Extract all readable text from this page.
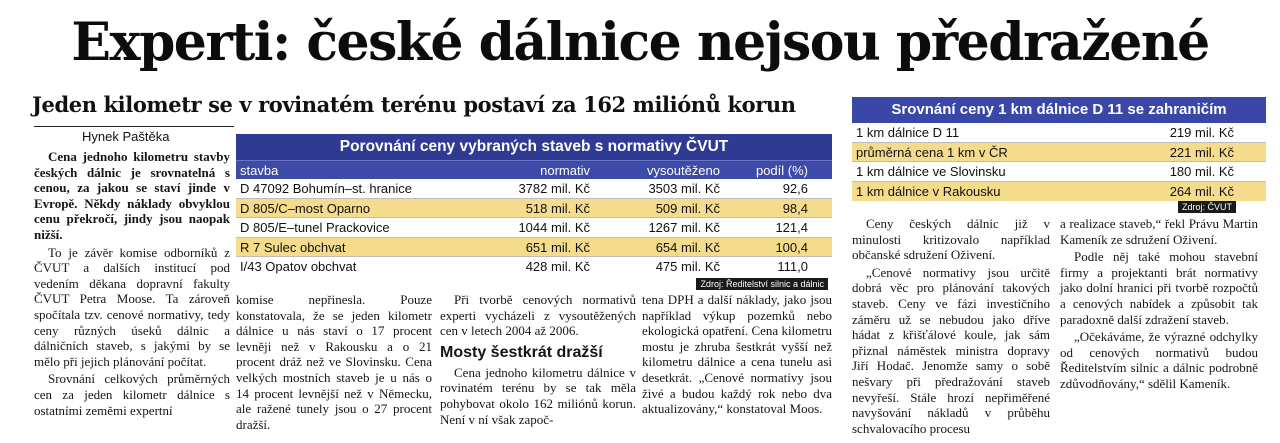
Experti: české dálnice nejsou předražené
Jeden kilometr se v rovinatém terénu postaví za 162 miliónů korun
Hynek Paštěka

Cena jednoho kilometru stavby českých dálnic je srovnatelná s cenou, za jakou se staví jinde v Evropě. Někdy náklady obvyklou cenu překročí, jindy jsou naopak nižší.

To je závěr komise odborníků z ČVUT a dalších institucí pod vedením děkana dopravní fakulty ČVUT Petra Moose. Ta zároveň spočítala tzv. cenové normativy, tedy ceny různých úseků dálnic a dálničních staveb, s jakými by se mělo při jejich plánování počítat.

Srovnání celkových průměrných cen za jeden kilometr dálnice s ostatními zeměmi expertní

Porovnání ceny vybraných staveb s normativy ČVUT
stavba	normativ	vysoutěženo	podíl (%)
D 47092 Bohumín–st. hranice	3782 mil. Kč	3503 mil. Kč	92,6
D 805/C–most Oparno	518 mil. Kč	509 mil. Kč	98,4
D 805/E–tunel Prackovice	1044 mil. Kč	1267 mil. Kč	121,4
R 7 Sulec obchvat	651 mil. Kč	654 mil. Kč	100,4
I/43 Opatov obchvat	428 mil. Kč	475 mil. Kč	111,0
Zdroj: Ředitelství silnic a dálnic

komise nepřinesla. Pouze konstatovala, že se jeden kilometr dálnice u nás staví o 17 procent levněji než v Rakousku a o 21 procent dráž než ve Slovinsku. Cena velkých mostních staveb je u nás o 14 procent levnější než v Německu, ale ražené tunely jsou o 27 procent dražší.

Při tvorbě cenových normativů experti vycházeli z vysoutěžených cen v letech 2004 až 2006.

Mosty šestkrát dražší

Cena jednoho kilometru dálnice v rovinatém terénu by se tak měla pohybovat okolo 162 miliónů korun. Není v ní však započ-

tena DPH a další náklady, jako jsou například výkup pozemků nebo ekologická opatření. Cena kilometru mostu je zhruba šestkrát vyšší než kilometru dálnice a cena tunelu asi desetkrát. „Cenové normativy jsou živé a budou každý rok nebo dva aktualizovány,“ konstatoval Moos.

Srovnání ceny 1 km dálnice D 11 se zahraničím
1 km dálnice D 11	219 mil. Kč
průměrná cena 1 km v ČR	221 mil. Kč
1 km dálnice ve Slovinsku	180 mil. Kč
1 km dálnice v Rakousku	264 mil. Kč
Zdroj: ČVUT

Ceny českých dálnic již v minulosti kritizovalo například občanské sdružení Oživení.

„Cenové normativy jsou určitě dobrá věc pro plánování takových staveb. Ceny ve fázi investičního záměru už se nebudou jako dříve hádat z křišťálové koule, jak sám přiznal náměstek ministra dopravy Jiří Hodač. Jenomže samy o sobě nešvary při předražování staveb nevyřeší. Stále hrozí nepřiměřené navyšování nákladů v průběhu schvalovacího procesu

a realizace staveb,“ řekl Právu Martin Kameník ze sdružení Oživení.

Podle něj také mohou stavební firmy a projektanti brát normativy jako dolní hranici při tvorbě rozpočtů a cenových nabídek a způsobit tak paradoxně další zdražení staveb.

„Očekáváme, že výrazné odchylky od cenových normativů budou Ředitelstvím silnic a dálnic podrobně zdůvodňovány,“ sdělil Kameník.
